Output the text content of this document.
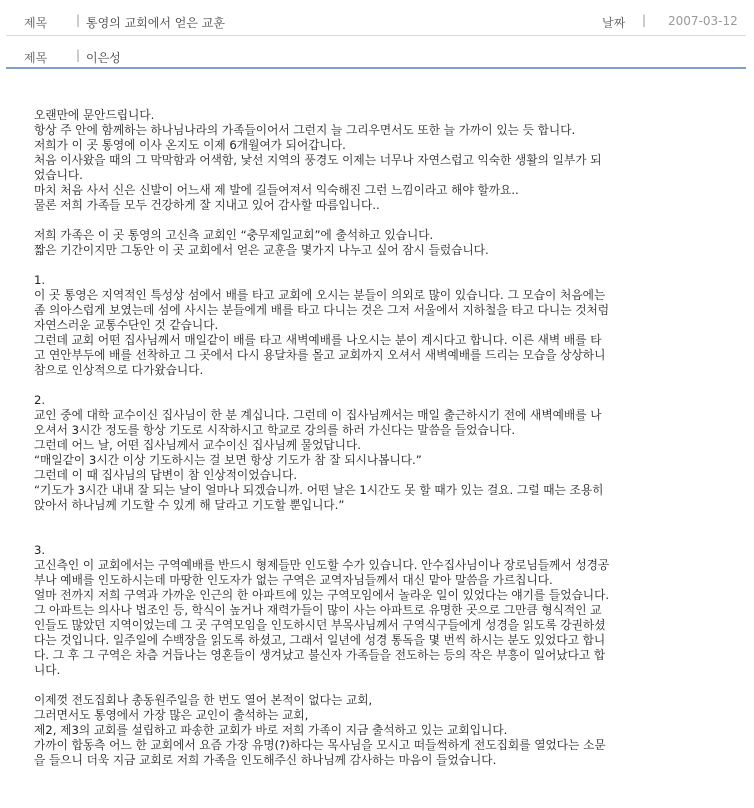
제목 | 통영의 교회에서 얻은 교훈	날짜 | 2007-03-12
제목 | 이은성

오랜만에 문안드립니다.

항상 주 안에 함께하는 하나님나라의 가족들이어서 그런지 늘 그리우면서도 또한 늘 가까이 있는 듯 합니다.

저희가 이 곳 통영에 이사 온지도 이제 6개월여가 되어갑니다.

처음 이사왔을 때의 그 막막함과 어색함, 낯선 지역의 풍경도 이제는 너무나 자연스럽고 익숙한 생활의 일부가 되

었습니다.

마치 처음 사서 신은 신발이 어느새 제 발에 길들여져서 익숙해진 그런 느낌이라고 해야 할까요..

물론 저희 가족들 모두 건강하게 잘 지내고 있어 감사할 따름입니다..

저희 가족은 이 곳 통영의 고신측 교회인 “충무제일교회”에 출석하고 있습니다.

짧은 기간이지만 그동안 이 곳 교회에서 얻은 교훈을 몇가지 나누고 싶어 잠시 들렀습니다.

1.

이 곳 통영은 지역적인 특성상 섬에서 배를 타고 교회에 오시는 분들이 의외로 많이 있습니다. 그 모습이 처음에는

좀 의아스럽게 보였는데 섬에 사시는 분들에게 배를 타고 다니는 것은 그저 서울에서 지하철을 타고 다니는 것처럼

자연스러운 교통수단인 것 같습니다.

그런데 교회 어떤 집사님께서 매일같이 배를 타고 새벽예배를 나오시는 분이 계시다고 합니다. 이른 새벽 배를 타

고 연안부두에 배를 선착하고 그 곳에서 다시 용달차를 몰고 교회까지 오셔서 새벽예배를 드리는 모습을 상상하니

참으로 인상적으로 다가왔습니다.

2.

교인 중에 대학 교수이신 집사님이 한 분 계십니다. 그런데 이 집사님께서는 매일 출근하시기 전에 새벽예배를 나

오셔서 3시간 정도를 항상 기도로 시작하시고 학교로 강의를 하러 가신다는 말씀을 들었습니다.

그런데 어느 날, 어떤 집사님께서 교수이신 집사님께 물었답니다.

“매일같이 3시간 이상 기도하시는 걸 보면 항상 기도가 참 잘 되시나봅니다.”

그런데 이 때 집사님의 답변이 참 인상적이었습니다.

“기도가 3시간 내내 잘 되는 날이 얼마나 되겠습니까. 어떤 날은 1시간도 못 할 때가 있는 걸요. 그럴 때는 조용히

앉아서 하나님께 기도할 수 있게 해 달라고 기도할 뿐입니다.”

3.

고신측인 이 교회에서는 구역예배를 반드시 형제들만 인도할 수가 있습니다. 안수집사님이나 장로님들께서 성경공

부나 예배를 인도하시는데 마땅한 인도자가 없는 구역은 교역자님들께서 대신 맡아 말씀을 가르칩니다.

얼마 전까지 저희 구역과 가까운 인근의 한 아파트에 있는 구역모임에서 놀라운 일이 있었다는 얘기를 들었습니다.

그 아파트는 의사나 법조인 등, 학식이 높거나 재력가들이 많이 사는 아파트로 유명한 곳으로 그만큼 형식적인 교

인들도 많았던 지역이었는데 그 곳 구역모임을 인도하시던 부목사님께서 구역식구들에게 성경을 읽도록 강권하셨

다는 것입니다. 일주일에 수백장을 읽도록 하셨고, 그래서 일년에 성경 통독을 몇 번씩 하시는 분도 있었다고 합니

다. 그 후 그 구역은 차츰 거듭나는 영혼들이 생겨났고 불신자 가족들을 전도하는 등의 작은 부흥이 일어났다고 합

니다.

이제껏 전도집회나 총동원주일을 한 번도 열어 본적이 없다는 교회,

그러면서도 통영에서 가장 많은 교인이 출석하는 교회,

제2, 제3의 교회를 설립하고 파송한 교회가 바로 저희 가족이 지금 출석하고 있는 교회입니다.

가까이 합동측 어느 한 교회에서 요즘 가장 유명(?)하다는 목사님을 모시고 떠들썩하게 전도집회를 열었다는 소문

을 들으니 더욱 지금 교회로 저희 가족을 인도해주신 하나님께 감사하는 마음이 들었습니다.
